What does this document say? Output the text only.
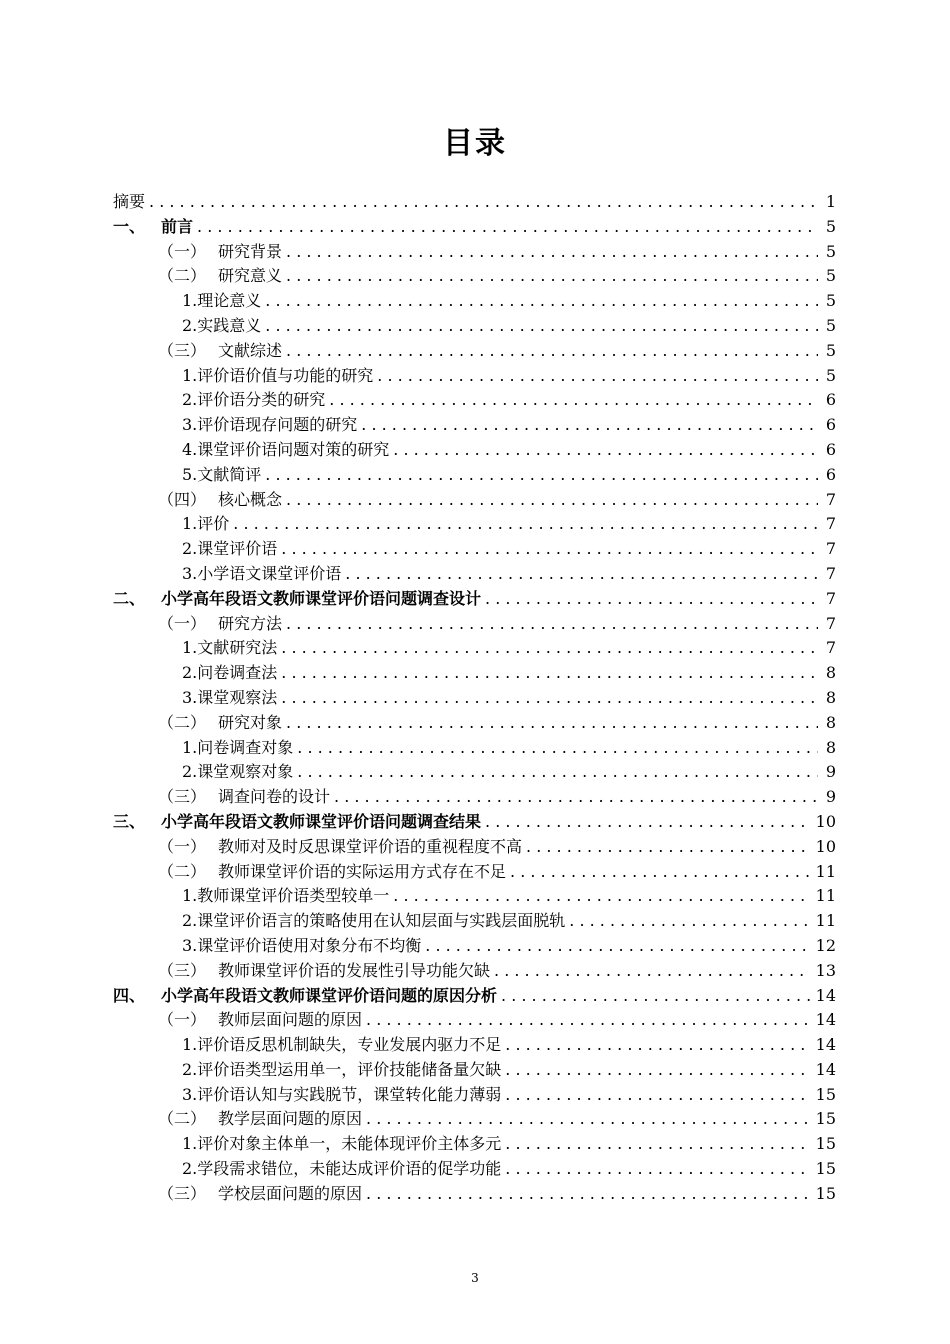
目录
摘要 . . .	1
一、 前言 . . .	5
（一） 研究背景 . . .	5
（二） 研究意义 . . .	5
1. 理论意义 . . .	5
2. 实践意义 . . .	5
（三） 文献综述 . . .	5
1. 评价语价值与功能的研究 . . .	5
2. 评价语分类的研究 . . .	6
3. 评价语现存问题的研究 . . .	6
4. 课堂评价语问题对策的研究 . . .	6
5. 文献简评 . . .	6
（四） 核心概念 . . .	7
1. 评价 . . .	7
2. 课堂评价语 . . .	7
3. 小学语文课堂评价语 . . .	7
二、 小学高年段语文教师课堂评价语问题调查设计 . . .	7
（一） 研究方法 . . .	7
1. 文献研究法 . . .	7
2. 问卷调查法 . . .	8
3. 课堂观察法 . . .	8
（二） 研究对象 . . .	8
1. 问卷调查对象 . . .	8
2. 课堂观察对象 . . .	9
（三） 调查问卷的设计 . . .	9
三、 小学高年段语文教师课堂评价语问题调查结果 . . .	10
（一） 教师对及时反思课堂评价语的重视程度不高 . . .	10
（二） 教师课堂评价语的实际运用方式存在不足 . . .	11
1. 教师课堂评价语类型较单一 . . .	11
2. 课堂评价语言的策略使用在认知层面与实践层面脱轨 . . .	11
3. 课堂评价语使用对象分布不均衡 . . .	12
（三） 教师课堂评价语的发展性引导功能欠缺 . . .	13
四、 小学高年段语文教师课堂评价语问题的原因分析 . . .	14
（一） 教师层面问题的原因 . . .	14
1. 评价语反思机制缺失，专业发展内驱力不足 . . .	14
2. 评价语类型运用单一，评价技能储备量欠缺 . . .	14
3. 评价语认知与实践脱节，课堂转化能力薄弱 . . .	15
（二） 教学层面问题的原因 . . .	15
1. 评价对象主体单一，未能体现评价主体多元 . . .	15
2. 学段需求错位，未能达成评价语的促学功能 . . .	15
（三） 学校层面问题的原因 . . .	15
3
